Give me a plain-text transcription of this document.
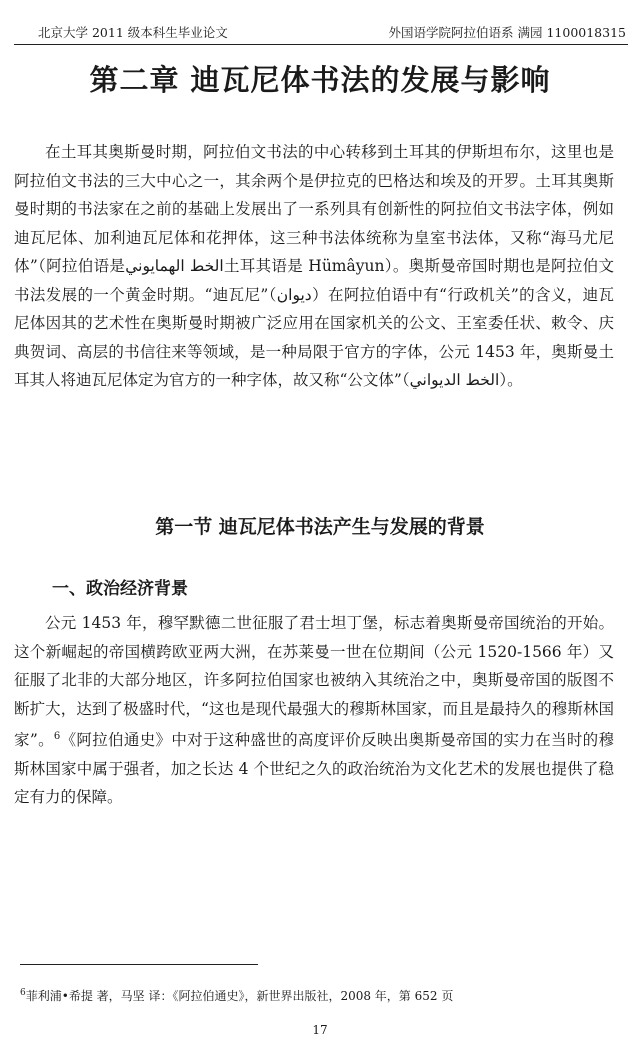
北京大学 2011 级本科生毕业论文	外国语学院阿拉伯语系 满园 1100018315
第二章 迪瓦尼体书法的发展与影响

在土耳其奥斯曼时期，阿拉伯文书法的中心转移到土耳其的伊斯坦布尔，这里也是阿拉伯文书法的三大中心之一，其余两个是伊拉克的巴格达和埃及的开罗。土耳其奥斯曼时期的书法家在之前的基础上发展出了一系列具有创新性的阿拉伯文书法字体，例如迪瓦尼体、加利迪瓦尼体和花押体，这三种书法体统称为皇室书法体，又称“海马尤尼体”（阿拉伯语是الخط الهمايوني土耳其语是 Hümâyun）。奥斯曼帝国时期也是阿拉伯文书法发展的一个黄金时期。“迪瓦尼”（ديوان）在阿拉伯语中有“行政机关”的含义，迪瓦尼体因其的艺术性在奥斯曼时期被广泛应用在国家机关的公文、王室委任状、敕令、庆典贺词、高层的书信往来等领域，是一种局限于官方的字体，公元 1453 年，奥斯曼土耳其人将迪瓦尼体定为官方的一种字体，故又称“公文体”（الخط الديواني）。

第一节 迪瓦尼体书法产生与发展的背景
一、政治经济背景

公元 1453 年，穆罕默德二世征服了君士坦丁堡，标志着奥斯曼帝国统治的开始。这个新崛起的帝国横跨欧亚两大洲，在苏莱曼一世在位期间（公元 1520-1566 年）又征服了北非的大部分地区，许多阿拉伯国家也被纳入其统治之中，奥斯曼帝国的版图不断扩大，达到了极盛时代，“这也是现代最强大的穆斯林国家，而且是最持久的穆斯林国家”。$^6$《阿拉伯通史》中对于这种盛世的高度评价反映出奥斯曼帝国的实力在当时的穆斯林国家中属于强者，加之长达 4 个世纪之久的政治统治为文化艺术的发展也提供了稳定有力的保障。

$^6$菲利浦•希提 著，马坚 译：《阿拉伯通史》，新世界出版社，2008 年，第 652 页
17
